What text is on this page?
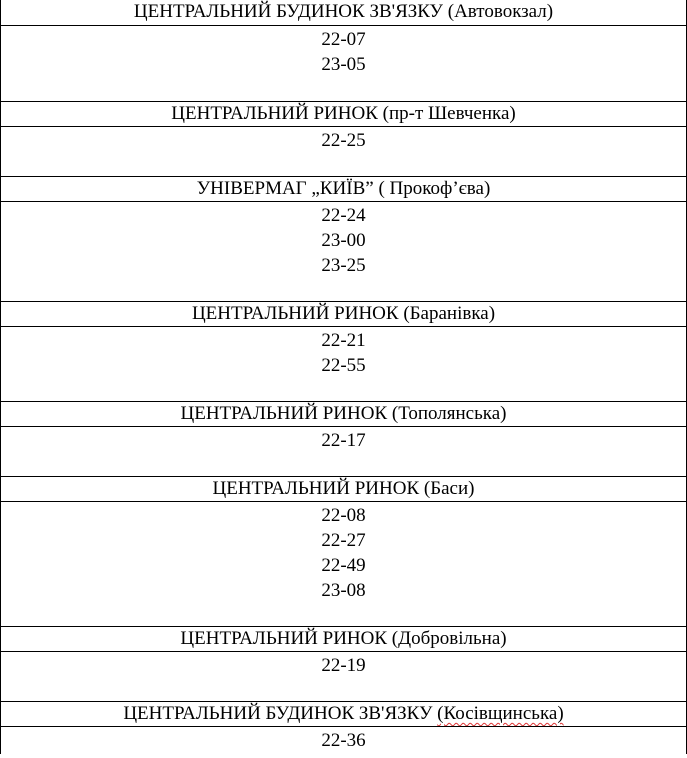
ЦЕНТРАЛЬНИЙ БУДИНОК ЗВ'ЯЗКУ (Автовокзал)
22-07
23-05
ЦЕНТРАЛЬНИЙ РИНОК (пр-т Шевченка)
22-25
УНІВЕРМАГ „КИЇВ” ( Прокоф’єва)
22-24
23-00
23-25
ЦЕНТРАЛЬНИЙ РИНОК (Баранівка)
22-21
22-55
ЦЕНТРАЛЬНИЙ РИНОК (Тополянська)
22-17
ЦЕНТРАЛЬНИЙ РИНОК (Баси)
22-08
22-27
22-49
23-08
ЦЕНТРАЛЬНИЙ РИНОК (Добровільна)
22-19
ЦЕНТРАЛЬНИЙ БУДИНОК ЗВ'ЯЗКУ (Косівщинська)
22-36
